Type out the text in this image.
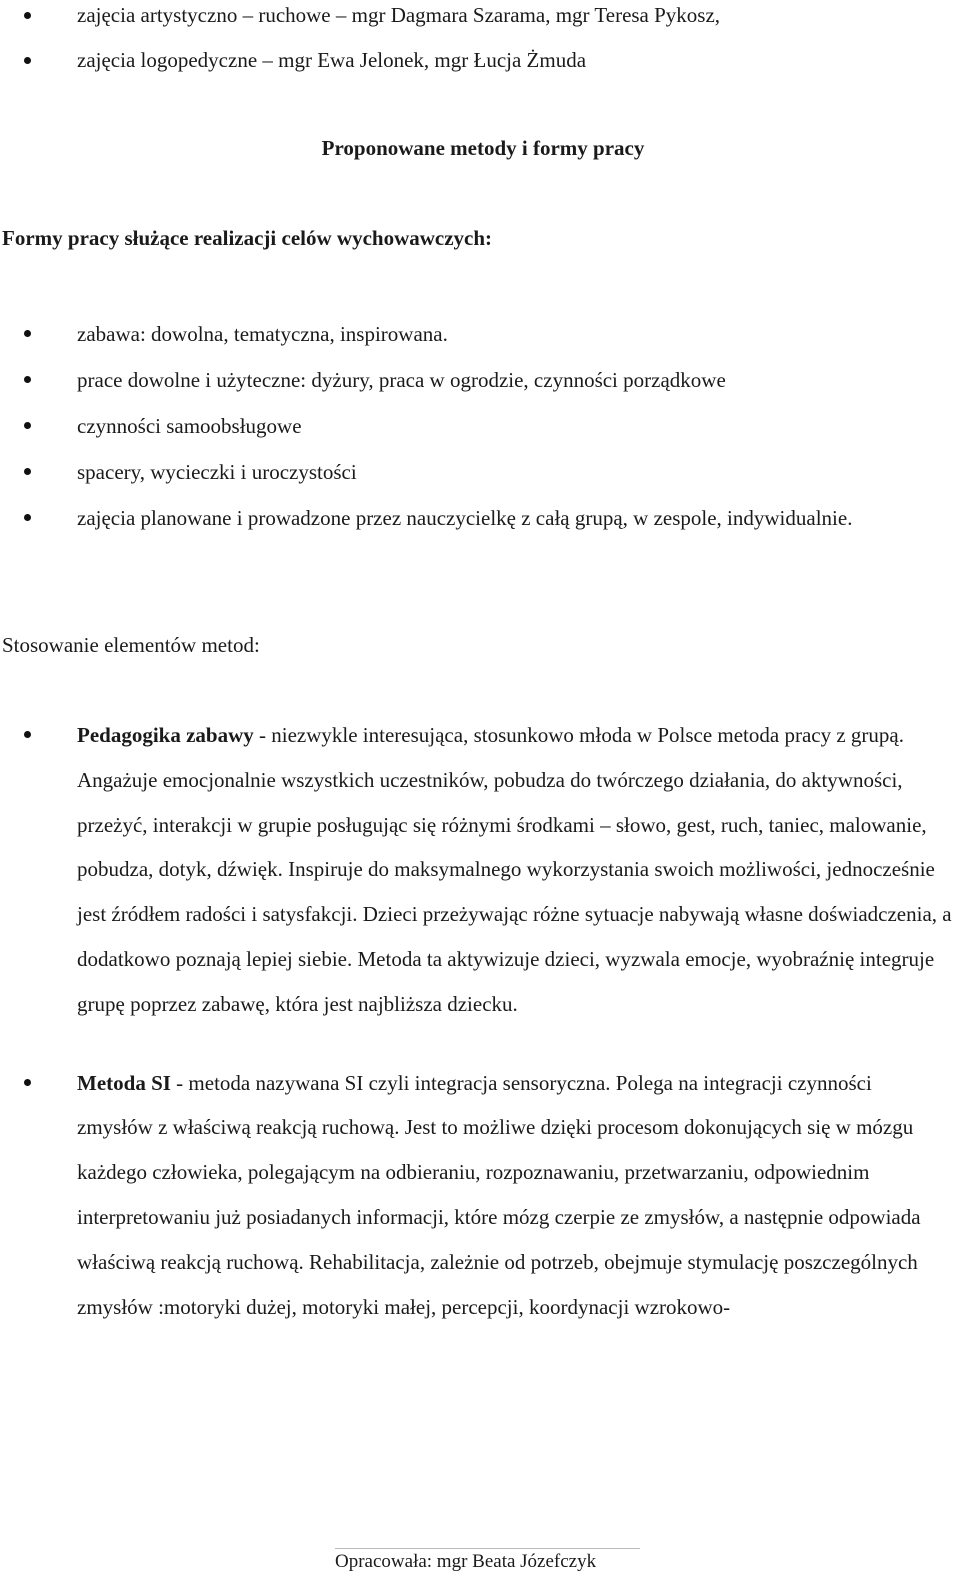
zajęcia artystyczno – ruchowe – mgr Dagmara Szarama, mgr Teresa Pykosz,
zajęcia logopedyczne – mgr Ewa Jelonek, mgr Łucja Żmuda
Proponowane metody i formy pracy
Formy pracy służące realizacji celów wychowawczych:
zabawa: dowolna, tematyczna, inspirowana.
prace dowolne i użyteczne: dyżury, praca w ogrodzie, czynności porządkowe
czynności samoobsługowe
spacery, wycieczki i uroczystości
zajęcia planowane i prowadzone przez nauczycielkę z całą grupą, w zespole, indywidualnie.
Stosowanie elementów metod:
Pedagogika zabawy - niezwykle interesująca, stosunkowo młoda w Polsce metoda pracy z grupą. Angażuje emocjonalnie wszystkich uczestników, pobudza do twórczego działania, do aktywności, przeżyć, interakcji w grupie posługując się różnymi środkami – słowo, gest, ruch, taniec, malowanie, pobudza, dotyk, dźwięk. Inspiruje do maksymalnego wykorzystania swoich możliwości, jednocześnie jest źródłem radości i satysfakcji. Dzieci przeżywając różne sytuacje nabywają własne doświadczenia, a dodatkowo poznają lepiej siebie. Metoda ta aktywizuje dzieci, wyzwala emocje, wyobraźnię integruje grupę poprzez zabawę, która jest najbliższa dziecku.
Metoda SI - metoda nazywana SI czyli integracja sensoryczna. Polega na integracji czynności zmysłów z właściwą reakcją ruchową. Jest to możliwe dzięki procesom dokonujących się w mózgu każdego człowieka, polegającym na odbieraniu, rozpoznawaniu, przetwarzaniu, odpowiednim interpretowaniu już posiadanych informacji, które mózg czerpie ze zmysłów, a następnie odpowiada właściwą reakcją ruchową. Rehabilitacja, zależnie od potrzeb, obejmuje stymulację poszczególnych zmysłów :motoryki dużej, motoryki małej, percepcji, koordynacji wzrokowo-
Opracowała: mgr Beata Józefczyk
